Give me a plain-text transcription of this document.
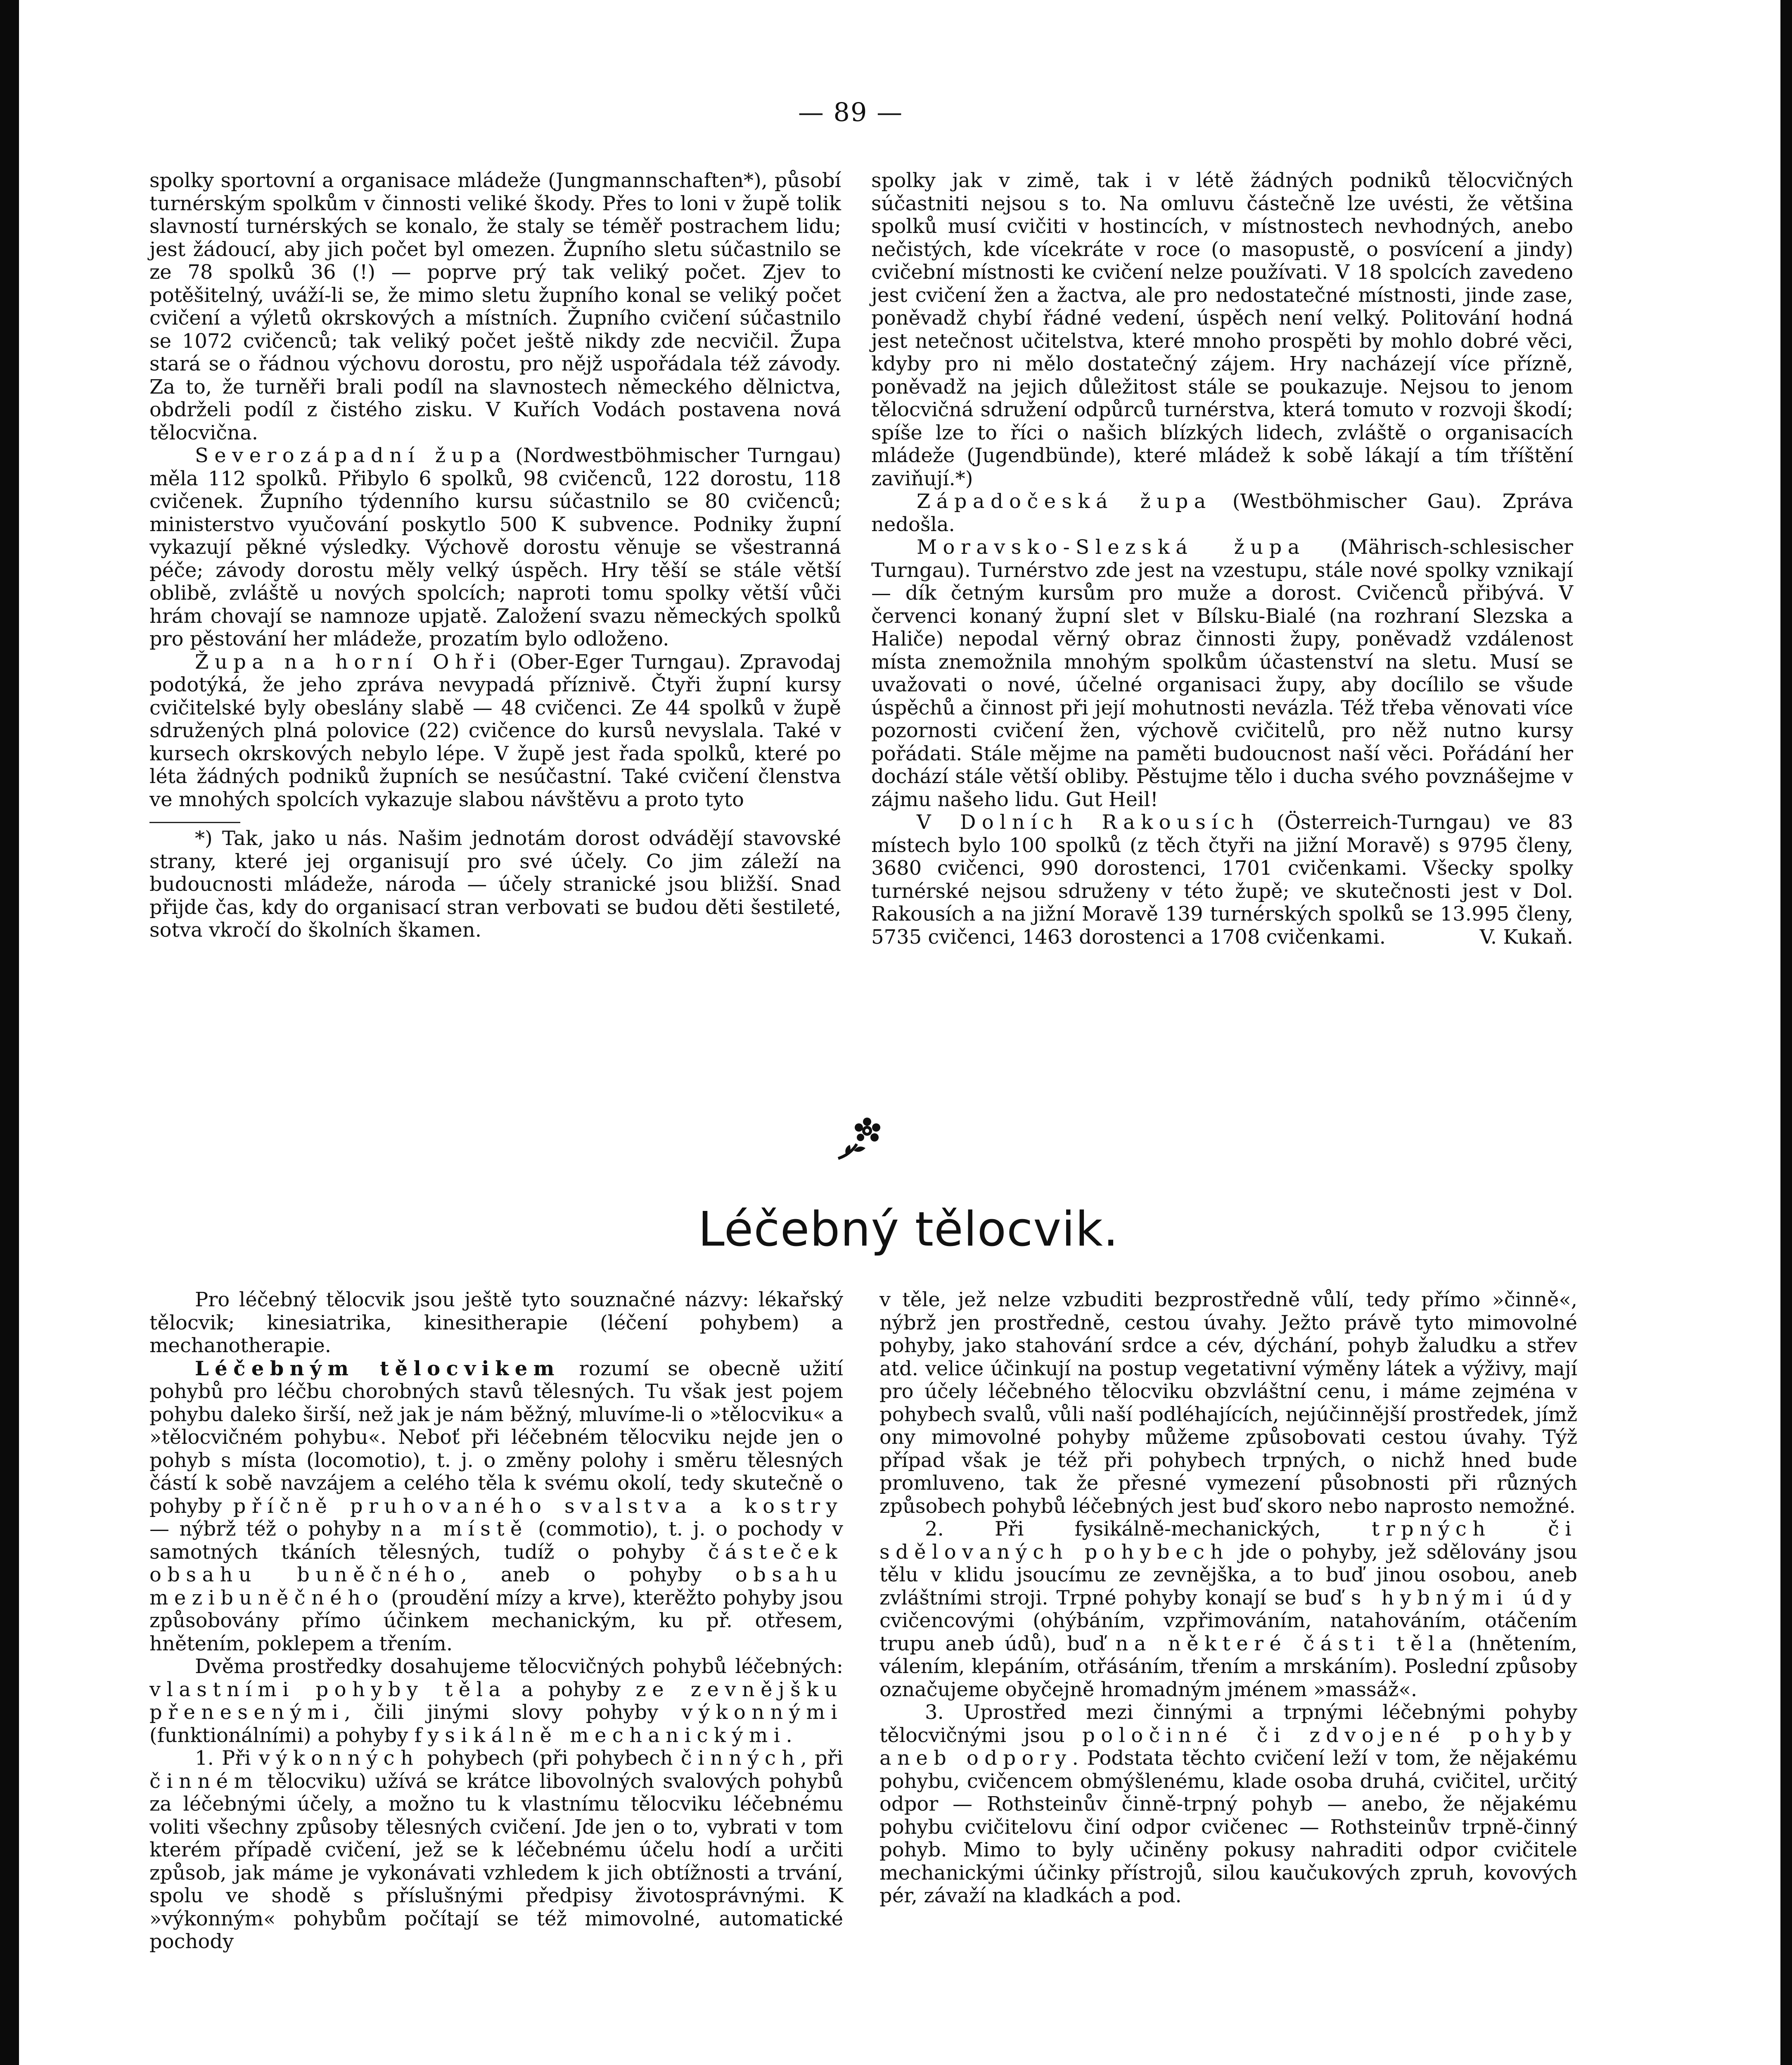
— 89 —

spolky sportovní a organisace mládeže (Jungmannschaften*), působí turnérským spolkům v činnosti veliké škody. Přes to loni v župě tolik slavností turnérských se konalo, že staly se téměř postrachem lidu; jest žádoucí, aby jich počet byl omezen. Župního sletu súčastnilo se ze 78 spolků 36 (!) — poprve prý tak veliký počet. Zjev to potěšitelný, uváží-li se, že mimo sletu župního konal se veliký počet cvičení a výletů okrskových a místních. Župního cvičení súčastnilo se 1072 cvičenců; tak veliký počet ještě nikdy zde necvičil. Župa stará se o řádnou výchovu dorostu, pro nějž uspořádala též závody. Za to, že turněři brali podíl na slavnostech německého dělnictva, obdrželi podíl z čistého zisku. V Kuřích Vodách postavena nová tělocvična.

Severozápadní župa (Nordwestböhmischer Turngau) měla 112 spolků. Přibylo 6 spolků, 98 cvičenců, 122 dorostu, 118 cvičenek. Župního týdenního kursu súčastnilo se 80 cvičenců; ministerstvo vyučování poskytlo 500 K subvence. Podniky župní vykazují pěkné výsledky. Výchově dorostu věnuje se všestranná péče; závody dorostu měly velký úspěch. Hry těší se stále větší oblibě, zvláště u nových spolcích; naproti tomu spolky větší vůči hrám chovají se namnoze upjatě. Založení svazu německých spolků pro pěstování her mládeže, prozatím bylo odloženo.

Župa na horní Ohři (Ober-Eger Turngau). Zpravodaj podotýká, že jeho zpráva nevypadá příznivě. Čtyři župní kursy cvičitelské byly obeslány slabě — 48 cvičenci. Ze 44 spolků v župě sdružených plná polovice (22) cvičence do kursů nevyslala. Také v kursech okrskových nebylo lépe. V župě jest řada spolků, které po léta žádných podniků župních se nesúčastní. Také cvičení členstva ve mnohých spolcích vykazuje slabou návštěvu a proto tyto

*) Tak, jako u nás. Našim jednotám dorost odvádějí stavovské strany, které jej organisují pro své účely. Co jim záleží na budoucnosti mládeže, národa — účely stranické jsou bližší. Snad přijde čas, kdy do organisací stran verbovati se budou děti šestileté, sotva vkročí do školních škamen.

spolky jak v zimě, tak i v létě žádných podniků tělocvičných súčastniti nejsou s to. Na omluvu částečně lze uvésti, že většina spolků musí cvičiti v hostincích, v místnostech nevhodných, anebo nečistých, kde vícekráte v roce (o masopustě, o posvícení a jindy) cvičební místnosti ke cvičení nelze používati. V 18 spolcích zavedeno jest cvičení žen a žactva, ale pro nedostatečné místnosti, jinde zase, poněvadž chybí řádné vedení, úspěch není velký. Politování hodná jest netečnost učitelstva, které mnoho prospěti by mohlo dobré věci, kdyby pro ni mělo dostatečný zájem. Hry nacházejí více přízně, poněvadž na jejich důležitost stále se poukazuje. Nejsou to jenom tělocvičná sdružení odpůrců turnérstva, která tomuto v rozvoji škodí; spíše lze to říci o našich blízkých lidech, zvláště o organisacích mládeže (Jugendbünde), které mládež k sobě lákají a tím tříštění zaviňují.*)

Západočeská župa (Westböhmischer Gau). Zpráva nedošla.

Moravsko-Slezská župa (Mährisch-schlesischer Turngau). Turnérstvo zde jest na vzestupu, stále nové spolky vznikají — dík četným kursům pro muže a dorost. Cvičenců přibývá. V červenci konaný župní slet v Bílsku-Bialé (na rozhraní Slezska a Haliče) nepodal věrný obraz činnosti župy, poněvadž vzdálenost místa znemožnila mnohým spolkům účastenství na sletu. Musí se uvažovati o nové, účelné organisaci župy, aby docílilo se všude úspěchů a činnost při její mohutnosti nevázla. Též třeba věnovati více pozornosti cvičení žen, výchově cvičitelů, pro něž nutno kursy pořádati. Stále mějme na paměti budoucnost naší věci. Pořádání her dochází stále větší obliby. Pěstujme tělo i ducha svého povznášejme v zájmu našeho lidu. Gut Heil!

V Dolních Rakousích (Österreich-Turngau) ve 83 místech bylo 100 spolků (z těch čtyři na jižní Moravě) s 9795 členy, 3680 cvičenci, 990 dorostenci, 1701 cvičenkami. Všecky spolky turnérské nejsou sdruženy v této župě; ve skutečnosti jest v Dol. Rakousích a na jižní Moravě 139 turnérských spolků se 13.995 členy, 5735 cvičenci, 1463 dorostenci a 1708 cvičenkami.	V. Kukaň.

Léčebný tělocvik.

Pro léčebný tělocvik jsou ještě tyto souznačné názvy: lékařský tělocvik; kinesiatrika, kinesitherapie (léčení pohybem) a mechanotherapie.

Léčebným tělocvikem rozumí se obecně užití pohybů pro léčbu chorobných stavů tělesných. Tu však jest pojem pohybu daleko širší, než jak je nám běžný, mluvíme-li o »tělocviku« a »tělocvičném pohybu«. Neboť při léčebném tělocviku nejde jen o pohyb s místa (locomotio), t. j. o změny polohy i směru tělesných částí k sobě navzájem a celého těla k svému okolí, tedy skutečně o pohyby příčně pruhovaného svalstva a kostry — nýbrž též o pohyby na místě (commotio), t. j. o pochody v samotných tkáních tělesných, tudíž o pohyby částeček obsahu buněčného, aneb o pohyby obsahu mezibuněčného (proudění mízy a krve), kterěžto pohyby jsou způsobovány přímo účinkem mechanickým, ku př. otřesem, hnětením, poklepem a třením.

Dvěma prostředky dosahujeme tělocvičných pohybů léčebných: vlastními pohyby těla a pohyby ze zevnějšku přenesenými, čili jinými slovy pohyby výkonnými (funktionálními) a pohyby fysikálně mechanickými.

1. Při výkonných pohybech (při pohybech činných, při činném tělocviku) užívá se krátce libovolných svalových pohybů za léčebnými účely, a možno tu k vlastnímu tělocviku léčebnému voliti všechny způsoby tělesných cvičení. Jde jen o to, vybrati v tom kterém případě cvičení, jež se k léčebnému účelu hodí a určiti způsob, jak máme je vykonávati vzhledem k jich obtížnosti a trvání, spolu ve shodě s příslušnými předpisy životosprávnými. K »výkonným« pohybům počítají se též mimovolné, automatické pochody

v těle, jež nelze vzbuditi bezprostředně vůlí, tedy přímo »činně«, nýbrž jen prostředně, cestou úvahy. Ježto právě tyto mimovolné pohyby, jako stahování srdce a cév, dýchání, pohyb žaludku a střev atd. velice účinkují na postup vegetativní výměny látek a výživy, mají pro účely léčebného tělocviku obzvláštní cenu, i máme zejména v pohybech svalů, vůli naší podléhajících, nejúčinnější prostředek, jímž ony mimovolné pohyby můžeme způsobovati cestou úvahy. Týž případ však je též při pohybech trpných, o nichž hned bude promluveno, tak že přesné vymezení působnosti při různých způsobech pohybů léčebných jest buď skoro nebo naprosto nemožné.

2. Při fysikálně-mechanických, trpných či sdělovaných pohybech jde o pohyby, jež sdělovány jsou tělu v klidu jsoucímu ze zevnějška, a to buď jinou osobou, aneb zvláštními stroji. Trpné pohyby konají se buď s hybnými údy cvičencovými (ohýbáním, vzpřimováním, natahováním, otáčením trupu aneb údů), buď na některé části těla (hnětením, válením, klepáním, otřásáním, třením a mrskáním). Poslední způsoby označujeme obyčejně hromadným jménem »massáž«.

3. Uprostřed mezi činnými a trpnými léčebnými pohyby tělocvičnými jsou poločinné či zdvojené pohyby aneb odpory. Podstata těchto cvičení leží v tom, že nějakému pohybu, cvičencem obmýšlenému, klade osoba druhá, cvičitel, určitý odpor — Rothsteinův činně-trpný pohyb — anebo, že nějakému pohybu cvičitelovu činí odpor cvičenec — Rothsteinův trpně-činný pohyb. Mimo to byly učiněny pokusy nahraditi odpor cvičitele mechanickými účinky přístrojů, silou kaučukových zpruh, kovových pér, závaží na kladkách a pod.
